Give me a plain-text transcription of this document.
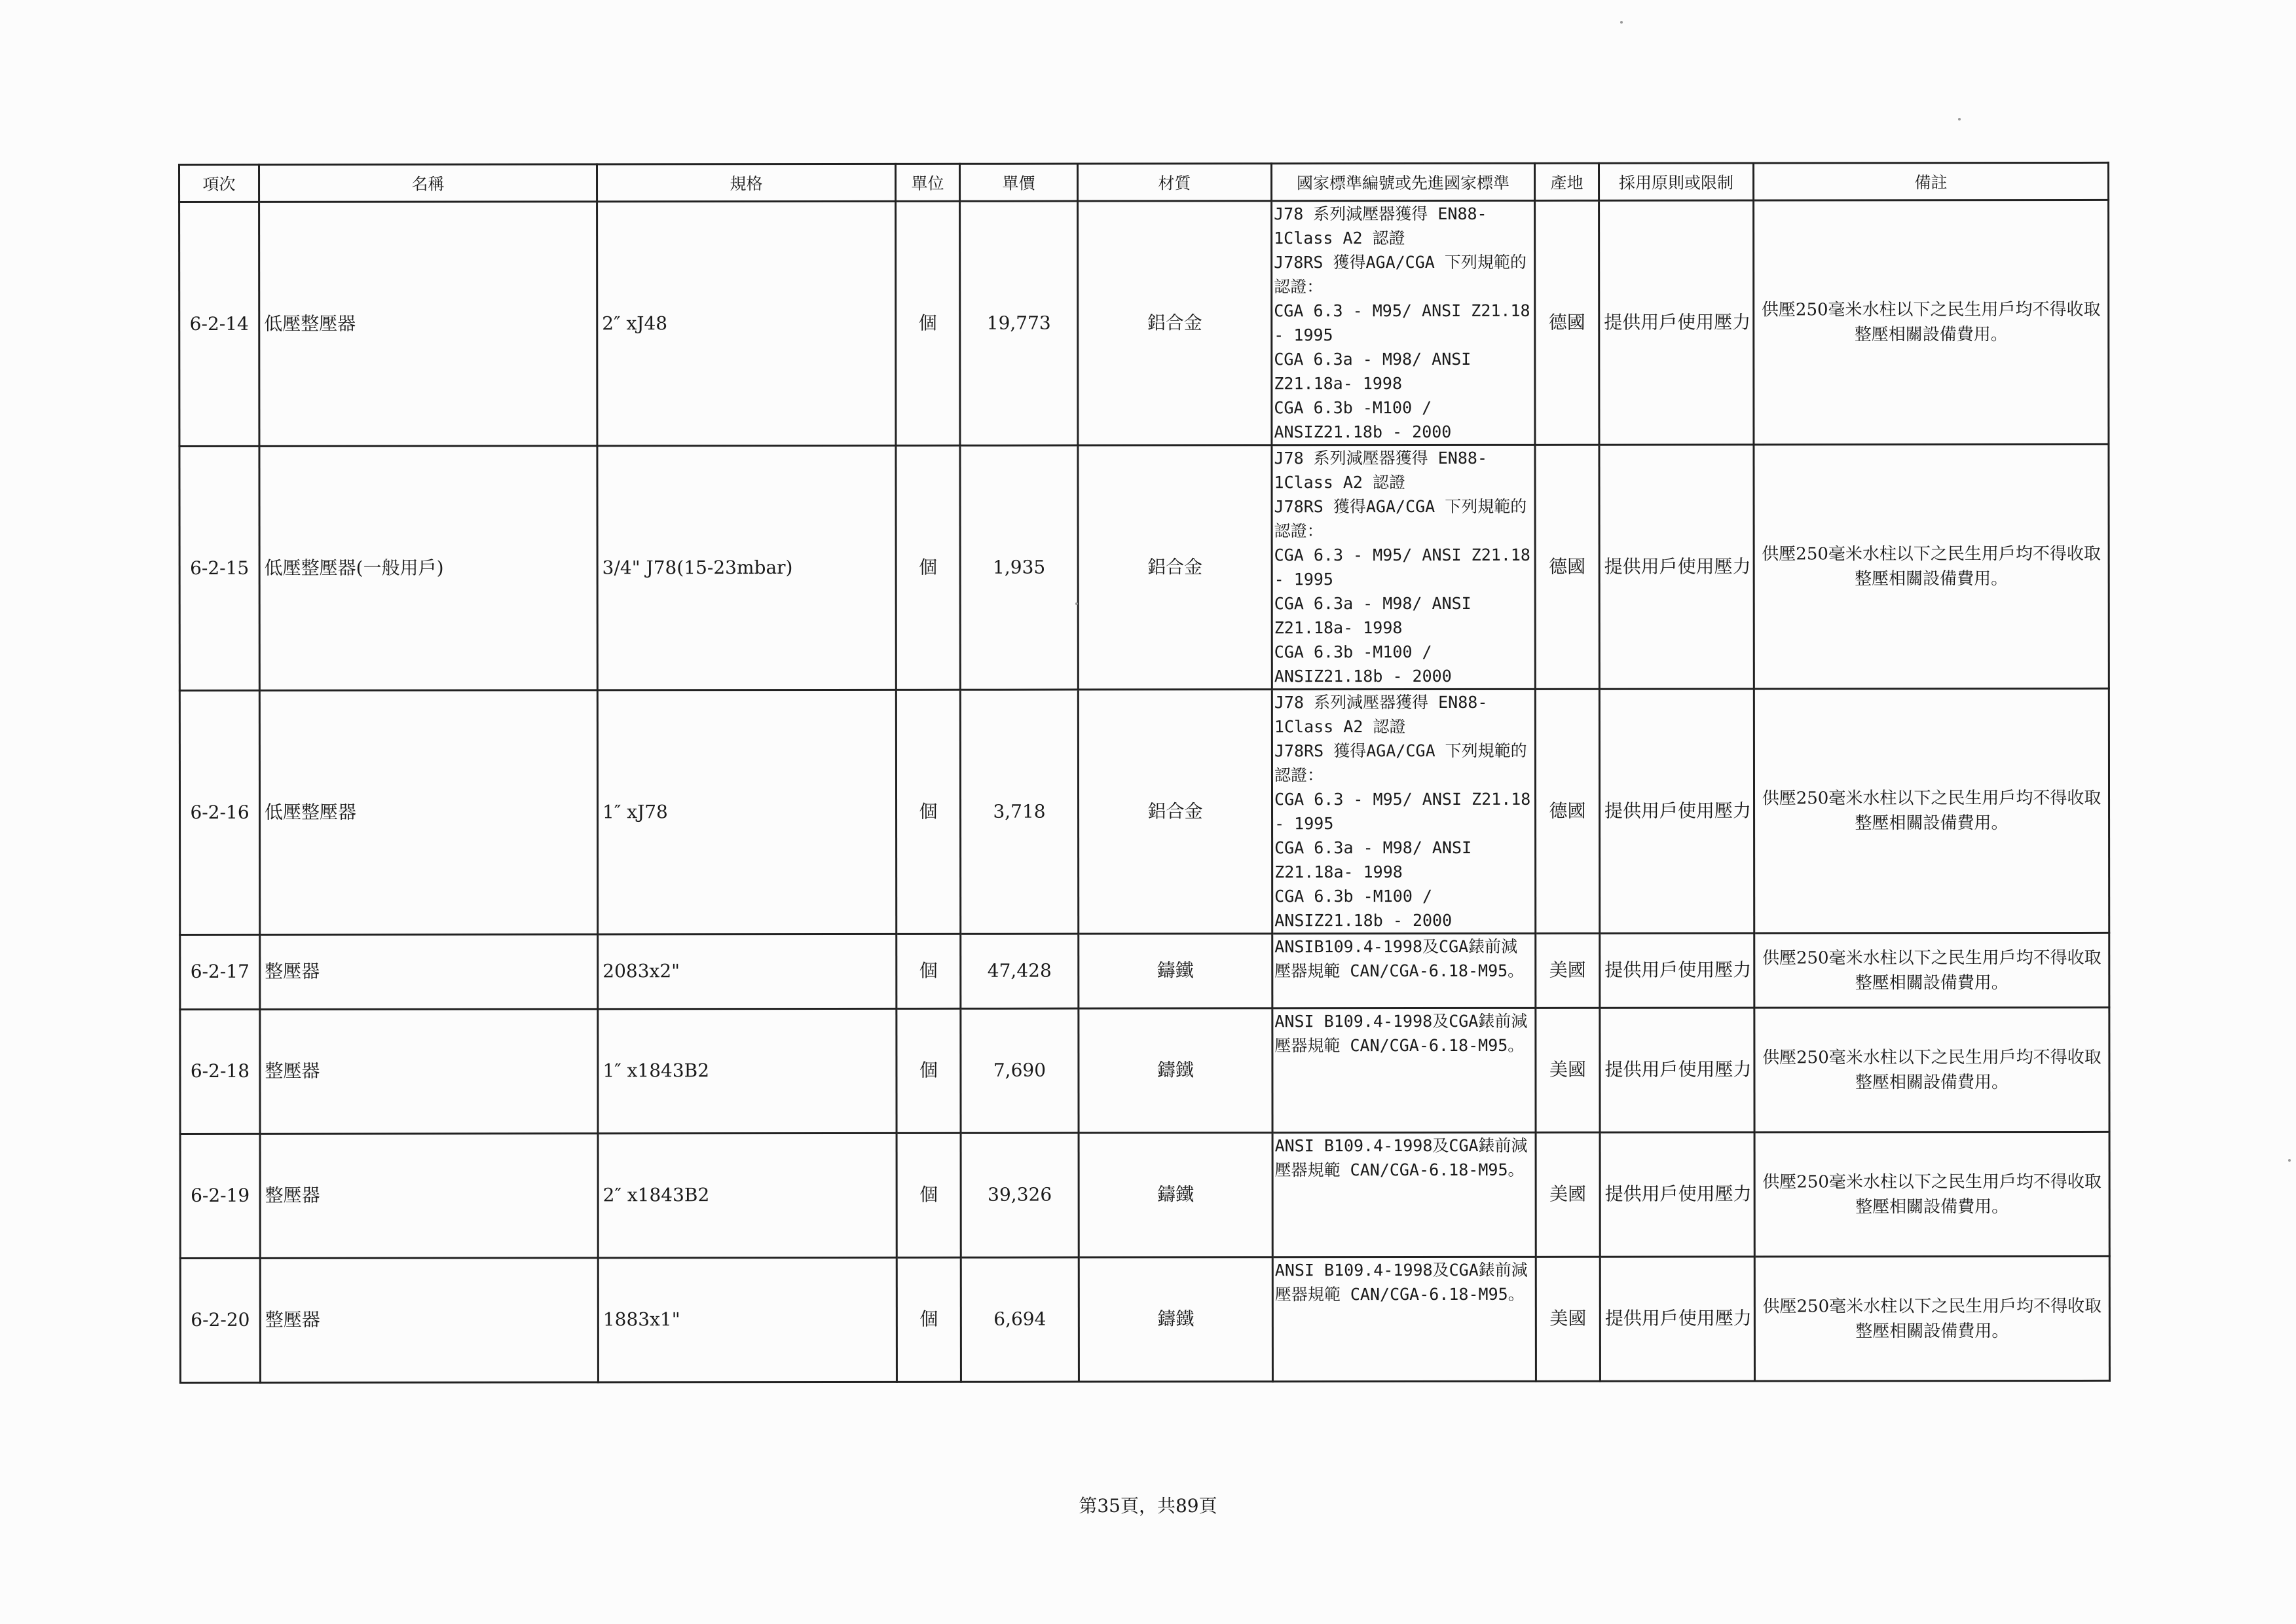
項次	名稱	規格	單位	單價	材質	國家標準編號或先進國家標準	產地	採用原則或限制	備註
6-2-14	低壓整壓器	2″ xJ48	個	19,773	鋁合金	J78 系列減壓器獲得 EN88-1Class A2 認證
J78RS 獲得AGA/CGA 下列規範的認證：
CGA 6.3 - M95/ ANSI Z21.18 - 1995
CGA 6.3a - M98/ ANSI Z21.18a- 1998
CGA 6.3b -M100 / ANSIZ21.18b - 2000	德國	提供用戶使用壓力	供壓250毫米水柱以下之民生用戶均不得收取整壓相關設備費用。
6-2-15	低壓整壓器(一般用戶)	3/4" J78(15-23mbar)	個	1,935	鋁合金	J78 系列減壓器獲得 EN88-1Class A2 認證
J78RS 獲得AGA/CGA 下列規範的認證：
CGA 6.3 - M95/ ANSI Z21.18 - 1995
CGA 6.3a - M98/ ANSI Z21.18a- 1998
CGA 6.3b -M100 / ANSIZ21.18b - 2000	德國	提供用戶使用壓力	供壓250毫米水柱以下之民生用戶均不得收取整壓相關設備費用。
6-2-16	低壓整壓器	1″ xJ78	個	3,718	鋁合金	J78 系列減壓器獲得 EN88-1Class A2 認證
J78RS 獲得AGA/CGA 下列規範的認證：
CGA 6.3 - M95/ ANSI Z21.18 - 1995
CGA 6.3a - M98/ ANSI Z21.18a- 1998
CGA 6.3b -M100 / ANSIZ21.18b - 2000	德國	提供用戶使用壓力	供壓250毫米水柱以下之民生用戶均不得收取整壓相關設備費用。
6-2-17	整壓器	2083x2"	個	47,428	鑄鐵	ANSIB109.4-1998及CGA錶前減壓器規範 CAN/CGA-6.18-M95。	美國	提供用戶使用壓力	供壓250毫米水柱以下之民生用戶均不得收取整壓相關設備費用。
6-2-18	整壓器	1″ x1843B2	個	7,690	鑄鐵	ANSI B109.4-1998及CGA錶前減壓器規範 CAN/CGA-6.18-M95。	美國	提供用戶使用壓力	供壓250毫米水柱以下之民生用戶均不得收取整壓相關設備費用。
6-2-19	整壓器	2″ x1843B2	個	39,326	鑄鐵	ANSI B109.4-1998及CGA錶前減壓器規範 CAN/CGA-6.18-M95。	美國	提供用戶使用壓力	供壓250毫米水柱以下之民生用戶均不得收取整壓相關設備費用。
6-2-20	整壓器	1883x1"	個	6,694	鑄鐵	ANSI B109.4-1998及CGA錶前減壓器規範 CAN/CGA-6.18-M95。	美國	提供用戶使用壓力	供壓250毫米水柱以下之民生用戶均不得收取整壓相關設備費用。
第35頁，共89頁
